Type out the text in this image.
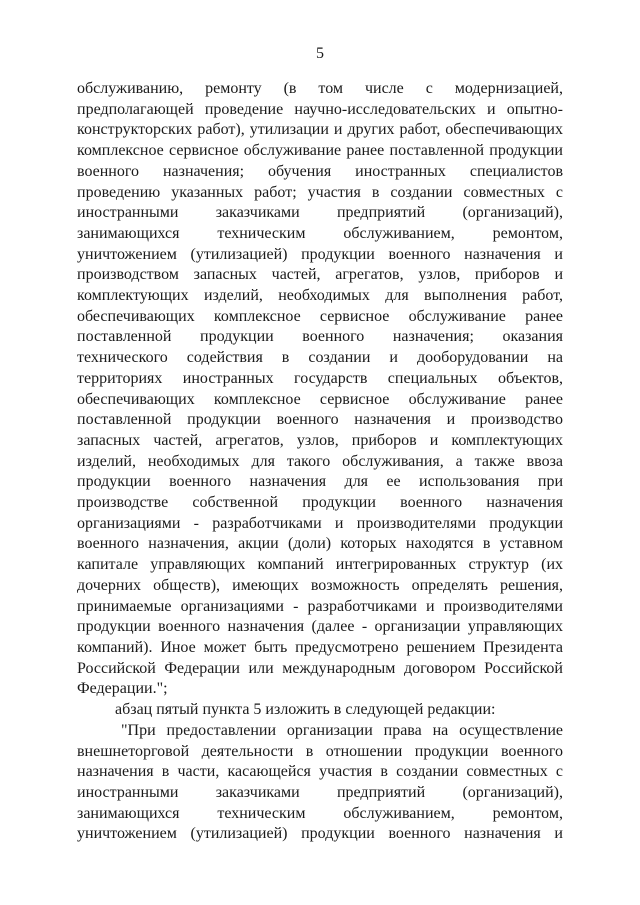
5
обслуживанию, ремонту (в том числе с модернизацией,
предполагающей проведение научно-исследовательских и опытно-
конструкторских работ), утилизации и других работ, обеспечивающих
комплексное сервисное обслуживание ранее поставленной продукции
военного назначения; обучения иностранных специалистов
проведению указанных работ; участия в создании совместных с
иностранными заказчиками предприятий (организаций),
занимающихся техническим обслуживанием, ремонтом,
уничтожением (утилизацией) продукции военного назначения и
производством запасных частей, агрегатов, узлов, приборов и
комплектующих изделий, необходимых для выполнения работ,
обеспечивающих комплексное сервисное обслуживание ранее
поставленной продукции военного назначения; оказания
технического содействия в создании и дооборудовании на
территориях иностранных государств специальных объектов,
обеспечивающих комплексное сервисное обслуживание ранее
поставленной продукции военного назначения и производство
запасных частей, агрегатов, узлов, приборов и комплектующих
изделий, необходимых для такого обслуживания, а также ввоза
продукции военного назначения для ее использования при
производстве собственной продукции военного назначения
организациями - разработчиками и производителями продукции
военного назначения, акции (доли) которых находятся в уставном
капитале управляющих компаний интегрированных структур (их
дочерних обществ), имеющих возможность определять решения,
принимаемые организациями - разработчиками и производителями
продукции военного назначения (далее - организации управляющих
компаний). Иное может быть предусмотрено решением Президента
Российской Федерации или международным договором Российской
Федерации.";
абзац пятый пункта 5 изложить в следующей редакции:
"При предоставлении организации права на осуществление
внешнеторговой деятельности в отношении продукции военного
назначения в части, касающейся участия в создании совместных с
иностранными заказчиками предприятий (организаций),
занимающихся техническим обслуживанием, ремонтом,
уничтожением (утилизацией) продукции военного назначения и
